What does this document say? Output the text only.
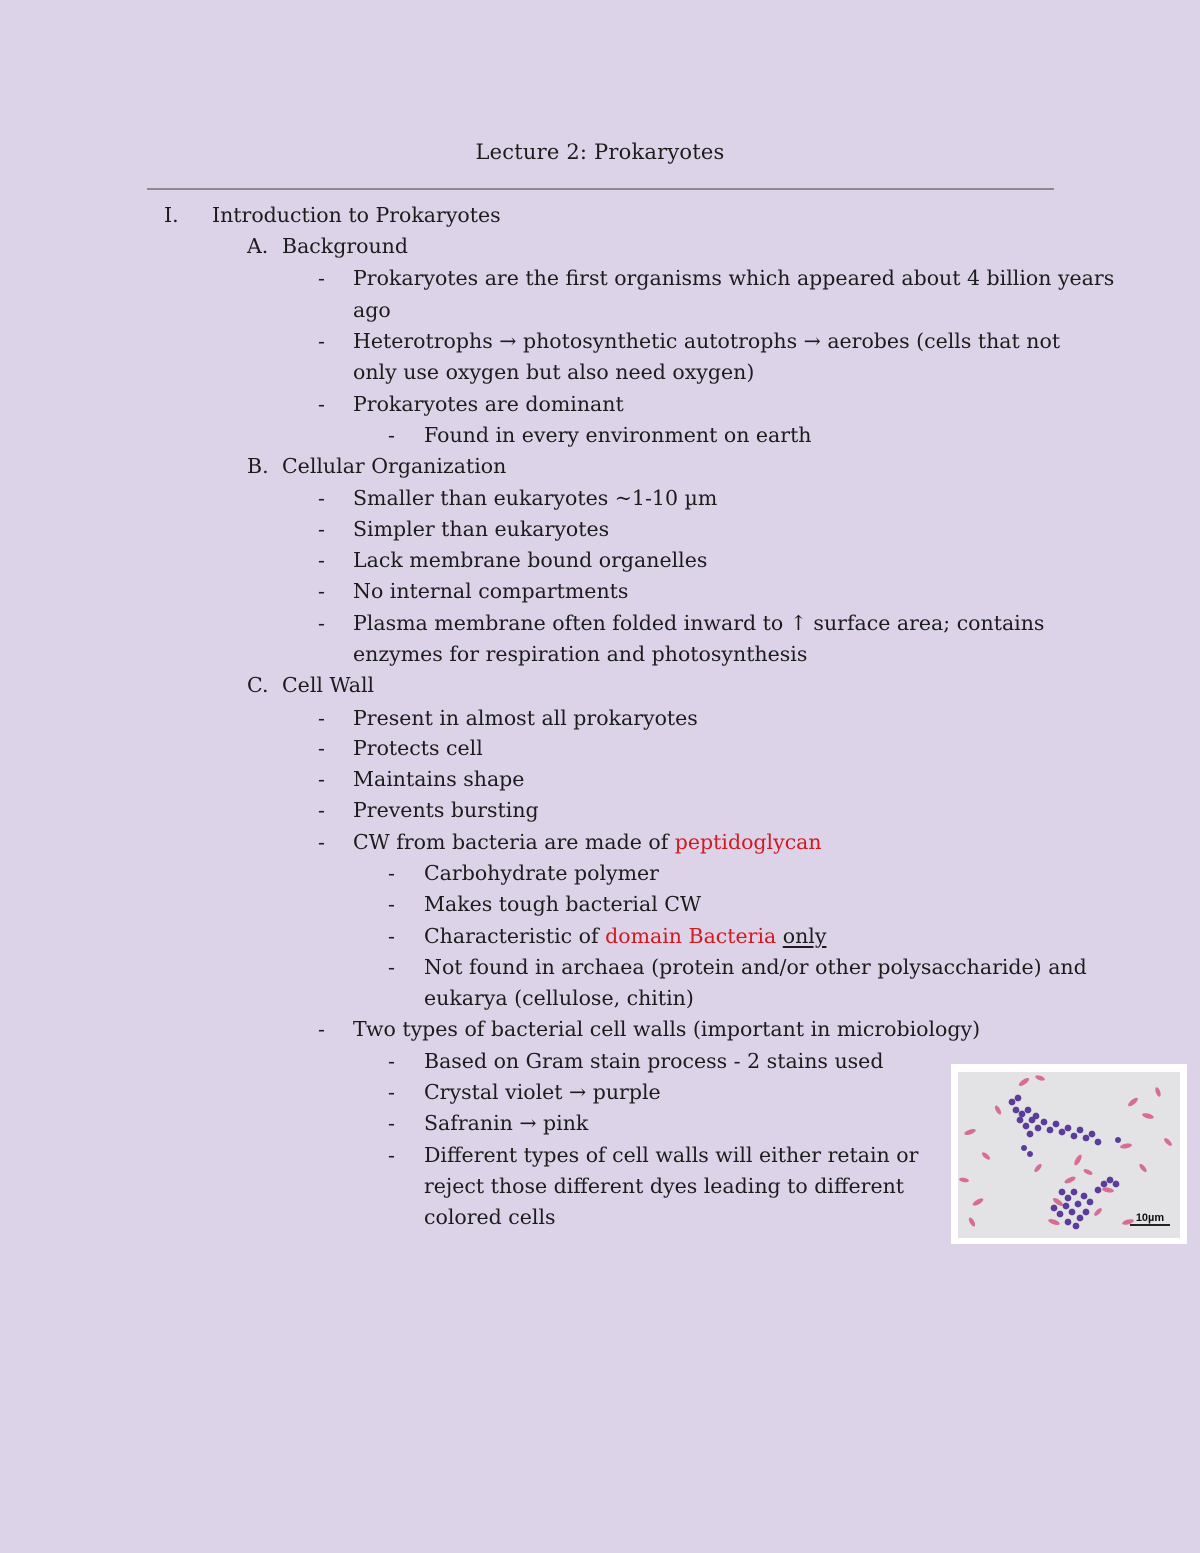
Lecture 2: Prokaryotes
I. Introduction to Prokaryotes
A. Background
- Prokaryotes are the first organisms which appeared about 4 billion years
ago
- Heterotrophs → photosynthetic autotrophs → aerobes (cells that not
only use oxygen but also need oxygen)
- Prokaryotes are dominant
- Found in every environment on earth
B. Cellular Organization
- Smaller than eukaryotes ~1-10 µm
- Simpler than eukaryotes
- Lack membrane bound organelles
- No internal compartments
- Plasma membrane often folded inward to ↑ surface area; contains
enzymes for respiration and photosynthesis
C. Cell Wall
- Present in almost all prokaryotes
- Protects cell
- Maintains shape
- Prevents bursting
- CW from bacteria are made of peptidoglycan
- Carbohydrate polymer
- Makes tough bacterial CW
- Characteristic of domain Bacteria only
- Not found in archaea (protein and/or other polysaccharide) and
eukarya (cellulose, chitin)
- Two types of bacterial cell walls (important in microbiology)
- Based on Gram stain process - 2 stains used
- Crystal violet → purple
- Safranin → pink
- Different types of cell walls will either retain or
reject those different dyes leading to different
colored cells	10µm
